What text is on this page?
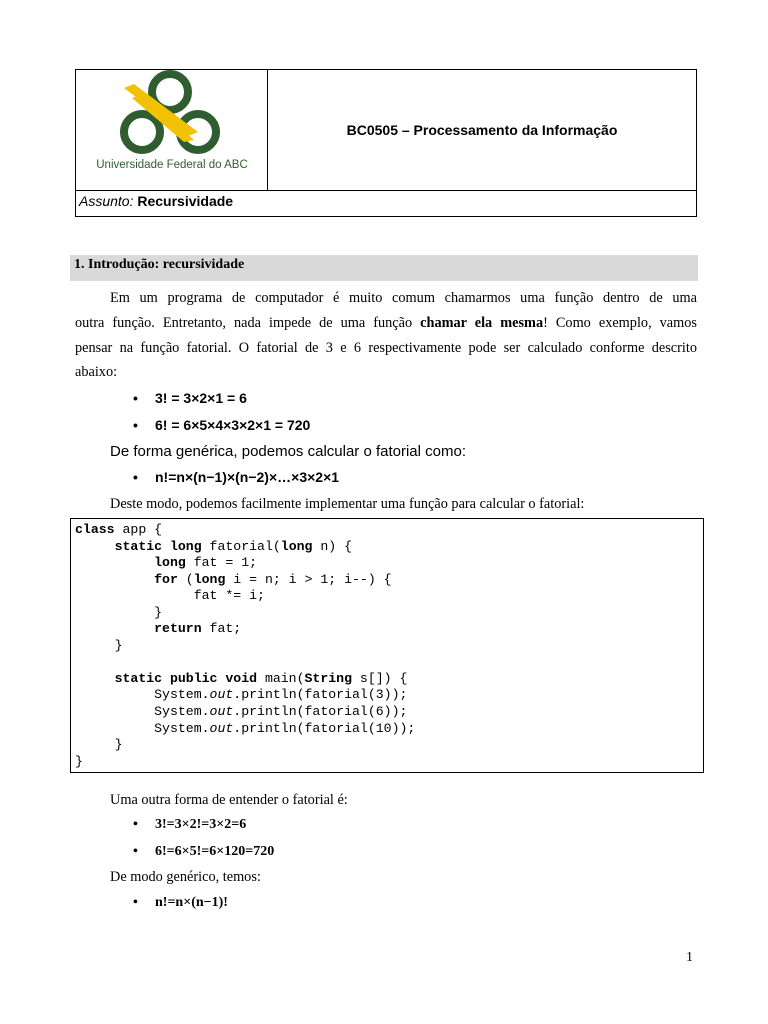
Universidade Federal do ABC
BC0505 – Processamento da Informação
Assunto: Recursividade
1. Introdução: recursividade
Em um programa de computador é muito comum chamarmos uma função dentro de uma
outra função. Entretanto, nada impede de uma função chamar ela mesma! Como exemplo, vamos
pensar na função fatorial. O fatorial de 3 e 6 respectivamente pode ser calculado conforme descrito
abaixo:
• 3! = 3×2×1 = 6
• 6! = 6×5×4×3×2×1 = 720
De forma genérica, podemos calcular o fatorial como:
• n!=n×(n−1)×(n−2)×…×3×2×1
Deste modo, podemos facilmente implementar uma função para calcular o fatorial:
class app {
static long fatorial(long n) {
long fat = 1;
for (long i = n; i > 1; i--) {
fat *= i;
}
return fat;
}

static public void main(String s[]) {
System.out.println(fatorial(3));
System.out.println(fatorial(6));
System.out.println(fatorial(10));
}
}
Uma outra forma de entender o fatorial é:
• 3!=3×2!=3×2=6
• 6!=6×5!=6×120=720
De modo genérico, temos:
• n!=n×(n−1)!
1
